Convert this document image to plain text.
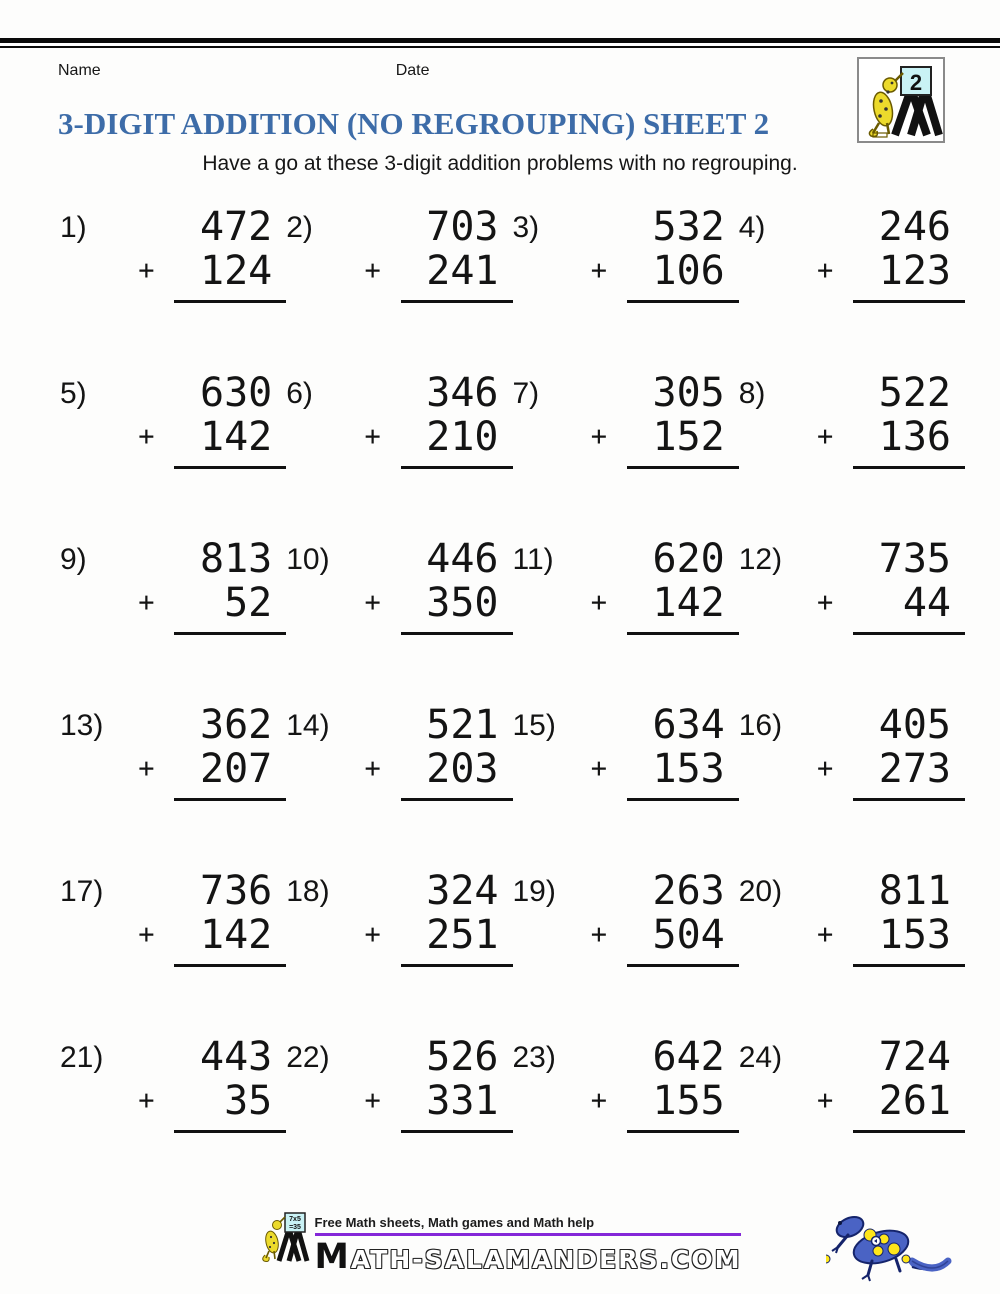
Name	Date	2
3-DIGIT ADDITION (NO REGROUPING) SHEET 2

Have a go at these 3-digit addition problems with no regrouping.

1)	472
+ 124
2)	703
+ 241
3)	532
+ 106
4)	246
+ 123
5)	630
+ 142
6)	346
+ 210
7)	305
+ 152
8)	522
+ 136
9)	813
+ 52
10)	446
+ 350
11)	620
+ 142
12)	735
+ 44
13)	362
+ 207
14)	521
+ 203
15)	634
+ 153
16)	405
+ 273
17)	736
+ 142
18)	324
+ 251
19)	263
+ 504
20)	811
+ 153
21)	443
+ 35
22)	526
+ 331
23)	642
+ 155
24)	724
+ 261
7x5
=35 Free Math sheets, Math games and Math help
MATH-SALAMANDERS.COM
